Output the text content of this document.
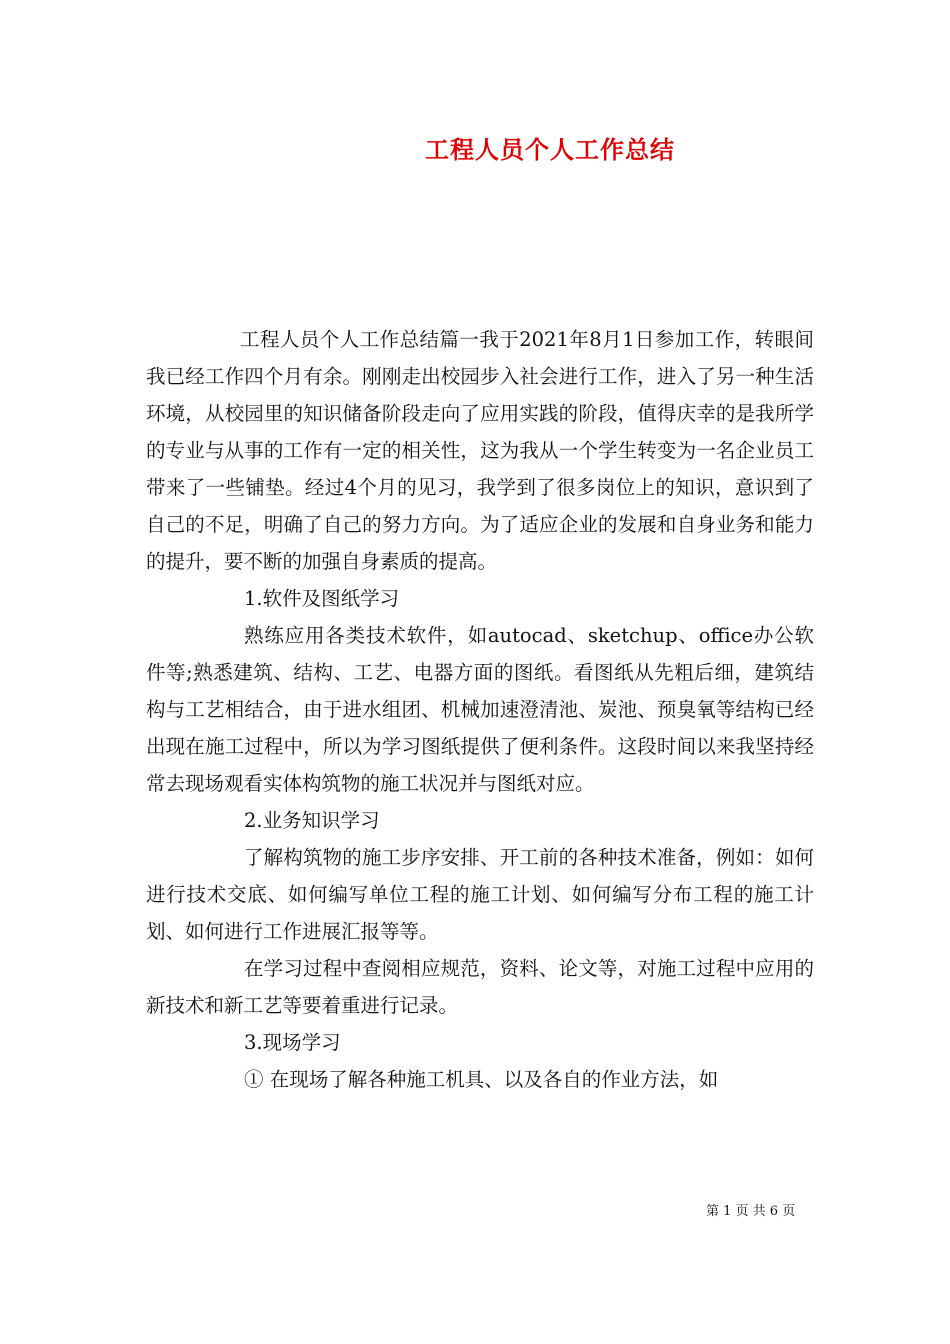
工程人员个人工作总结

工程人员个人工作总结篇一我于2021年8月1日参加工作，转眼间我已经工作四个月有余。刚刚走出校园步入社会进行工作，进入了另一种生活环境，从校园里的知识储备阶段走向了应用实践的阶段，值得庆幸的是我所学的专业与从事的工作有一定的相关性，这为我从一个学生转变为一名企业员工带来了一些铺垫。经过4个月的见习，我学到了很多岗位上的知识，意识到了自己的不足，明确了自己的努力方向。为了适应企业的发展和自身业务和能力的提升，要不断的加强自身素质的提高。

1.软件及图纸学习

熟练应用各类技术软件，如autocad、sketchup、office办公软件等;熟悉建筑、结构、工艺、电器方面的图纸。看图纸从先粗后细，建筑结构与工艺相结合，由于进水组团、机械加速澄清池、炭池、预臭氧等结构已经出现在施工过程中，所以为学习图纸提供了便利条件。这段时间以来我坚持经常去现场观看实体构筑物的施工状况并与图纸对应。

2.业务知识学习

了解构筑物的施工步序安排、开工前的各种技术准备，例如：如何进行技术交底、如何编写单位工程的施工计划、如何编写分布工程的施工计划、如何进行工作进展汇报等等。

在学习过程中查阅相应规范，资料、论文等，对施工过程中应用的新技术和新工艺等要着重进行记录。

3.现场学习

① 在现场了解各种施工机具、以及各自的作业方法，如

第 1 页 共 6 页
